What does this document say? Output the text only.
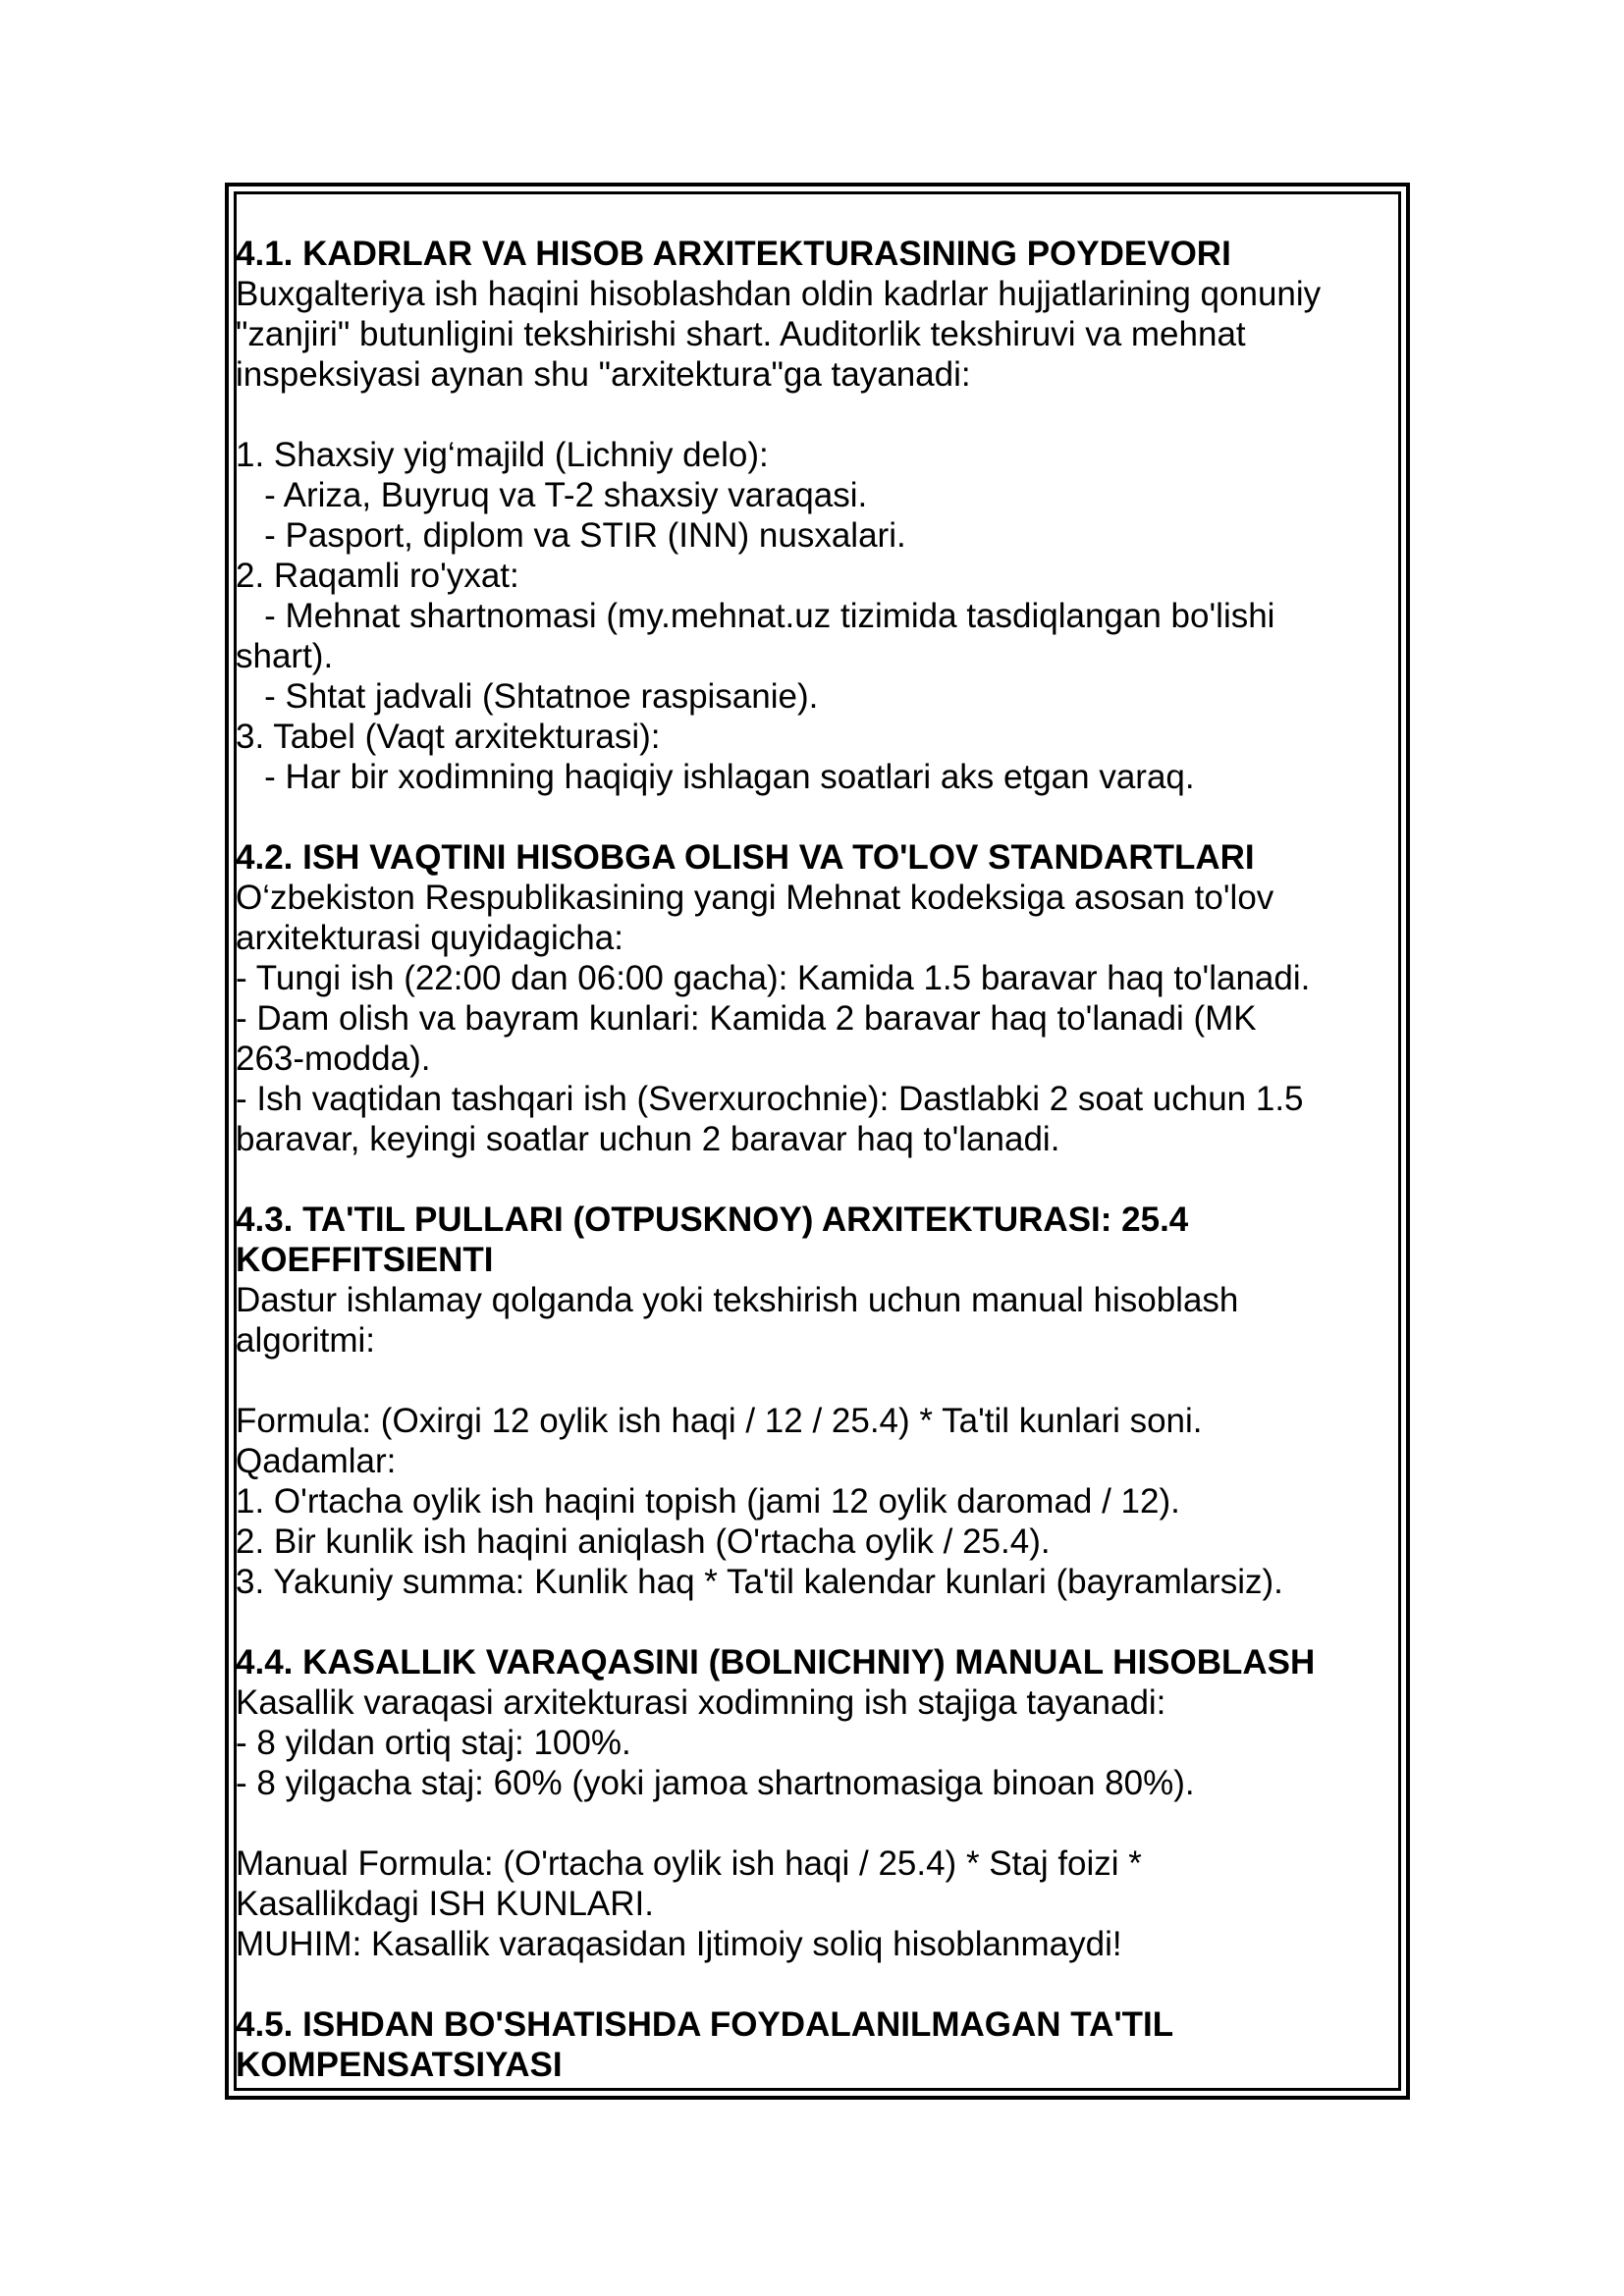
4.1. KADRLAR VA HISOB ARXITEKTURASINING POYDEVORI
Buxgalteriya ish haqini hisoblashdan oldin kadrlar hujjatlarining qonuniy
"zanjiri" butunligini tekshirishi shart. Auditorlik tekshiruvi va mehnat
inspeksiyasi aynan shu "arxitektura"ga tayanadi:
1. Shaxsiy yig‘majild (Lichniy delo):
- Ariza, Buyruq va T-2 shaxsiy varaqasi.
- Pasport, diplom va STIR (INN) nusxalari.
2. Raqamli ro'yxat:
- Mehnat shartnomasi (my.mehnat.uz tizimida tasdiqlangan bo'lishi
shart).
- Shtat jadvali (Shtatnoe raspisanie).
3. Tabel (Vaqt arxitekturasi):
- Har bir xodimning haqiqiy ishlagan soatlari aks etgan varaq.
4.2. ISH VAQTINI HISOBGA OLISH VA TO'LOV STANDARTLARI
O‘zbekiston Respublikasining yangi Mehnat kodeksiga asosan to'lov
arxitekturasi quyidagicha:
- Tungi ish (22:00 dan 06:00 gacha): Kamida 1.5 baravar haq to'lanadi.
- Dam olish va bayram kunlari: Kamida 2 baravar haq to'lanadi (MK
263-modda).
- Ish vaqtidan tashqari ish (Sverxurochnie): Dastlabki 2 soat uchun 1.5
baravar, keyingi soatlar uchun 2 baravar haq to'lanadi.
4.3. TA'TIL PULLARI (OTPUSKNOY) ARXITEKTURASI: 25.4 KOEFFITSIENTI
Dastur ishlamay qolganda yoki tekshirish uchun manual hisoblash
algoritmi:
Formula: (Oxirgi 12 oylik ish haqi / 12 / 25.4) * Ta'til kunlari soni.
Qadamlar:
1. O'rtacha oylik ish haqini topish (jami 12 oylik daromad / 12).
2. Bir kunlik ish haqini aniqlash (O'rtacha oylik / 25.4).
3. Yakuniy summa: Kunlik haq * Ta'til kalendar kunlari (bayramlarsiz).
4.4. KASALLIK VARAQASINI (BOLNICHNIY) MANUAL HISOBLASH
Kasallik varaqasi arxitekturasi xodimning ish stajiga tayanadi:
- 8 yildan ortiq staj: 100%.
- 8 yilgacha staj: 60% (yoki jamoa shartnomasiga binoan 80%).
Manual Formula: (O'rtacha oylik ish haqi / 25.4) * Staj foizi *
Kasallikdagi ISH KUNLARI.
MUHIM: Kasallik varaqasidan Ijtimoiy soliq hisoblanmaydi!
4.5. ISHDAN BO'SHATISHDA FOYDALANILMAGAN TA'TIL KOMPENSATSIYASI
